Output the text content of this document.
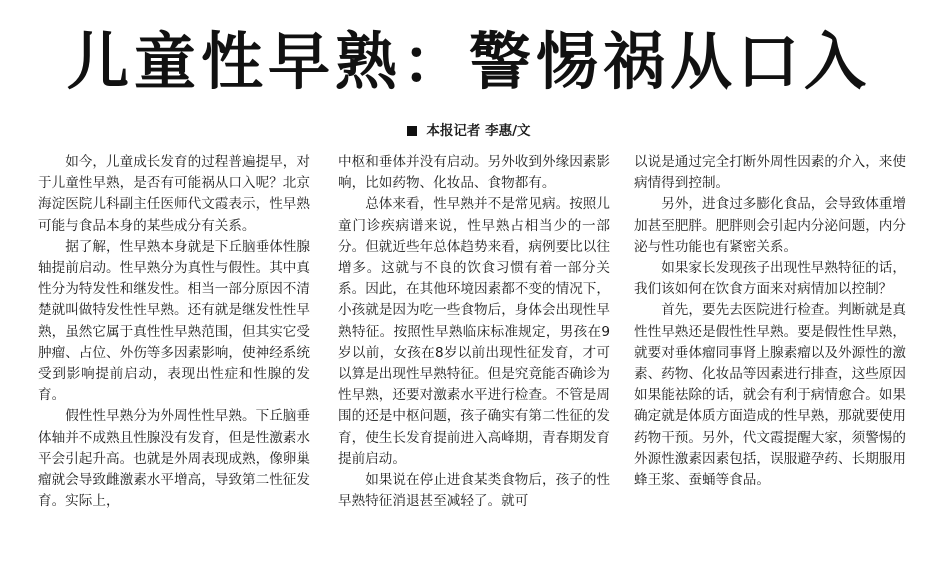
儿童性早熟：警惕祸从口入
本报记者 李惠/文

如今，儿童成长发育的过程普遍提早，对于儿童性早熟，是否有可能祸从口入呢？北京海淀医院儿科副主任医师代文霞表示，性早熟可能与食品本身的某些成分有关系。

据了解，性早熟本身就是下丘脑垂体性腺轴提前启动。性早熟分为真性与假性。其中真性分为特发性和继发性。相当一部分原因不清楚就叫做特发性性早熟。还有就是继发性性早熟，虽然它属于真性性早熟范围，但其实它受肿瘤、占位、外伤等多因素影响，使神经系统受到影响提前启动，表现出性症和性腺的发育。

假性性早熟分为外周性性早熟。下丘脑垂体轴并不成熟且性腺没有发育，但是性激素水平会引起升高。也就是外周表现成熟，像卵巢瘤就会导致雌激素水平增高，导致第二性征发育。实际上，

中枢和垂体并没有启动。另外收到外缘因素影响，比如药物、化妆品、食物都有。

总体来看，性早熟并不是常见病。按照儿童门诊疾病谱来说，性早熟占相当少的一部分。但就近些年总体趋势来看，病例要比以往增多。这就与不良的饮食习惯有着一部分关系。因此，在其他环境因素都不变的情况下，小孩就是因为吃一些食物后，身体会出现性早熟特征。按照性早熟临床标准规定，男孩在9岁以前，女孩在8岁以前出现性征发育，才可以算是出现性早熟特征。但是究竟能否确诊为性早熟，还要对激素水平进行检查。不管是周围的还是中枢问题，孩子确实有第二性征的发育，使生长发育提前进入高峰期，青春期发育提前启动。

如果说在停止进食某类食物后，孩子的性早熟特征消退甚至减轻了。就可

以说是通过完全打断外周性因素的介入，来使病情得到控制。

另外，进食过多膨化食品，会导致体重增加甚至肥胖。肥胖则会引起内分泌问题，内分泌与性功能也有紧密关系。

如果家长发现孩子出现性早熟特征的话，我们该如何在饮食方面来对病情加以控制？

首先，要先去医院进行检查。判断就是真性性早熟还是假性性早熟。要是假性性早熟，就要对垂体瘤同事肾上腺素瘤以及外源性的激素、药物、化妆品等因素进行排查，这些原因如果能祛除的话，就会有利于病情愈合。如果确定就是体质方面造成的性早熟，那就要使用药物干预。另外，代文霞提醒大家，须警惕的外源性激素因素包括，误服避孕药、长期服用蜂王浆、蚕蛹等食品。
